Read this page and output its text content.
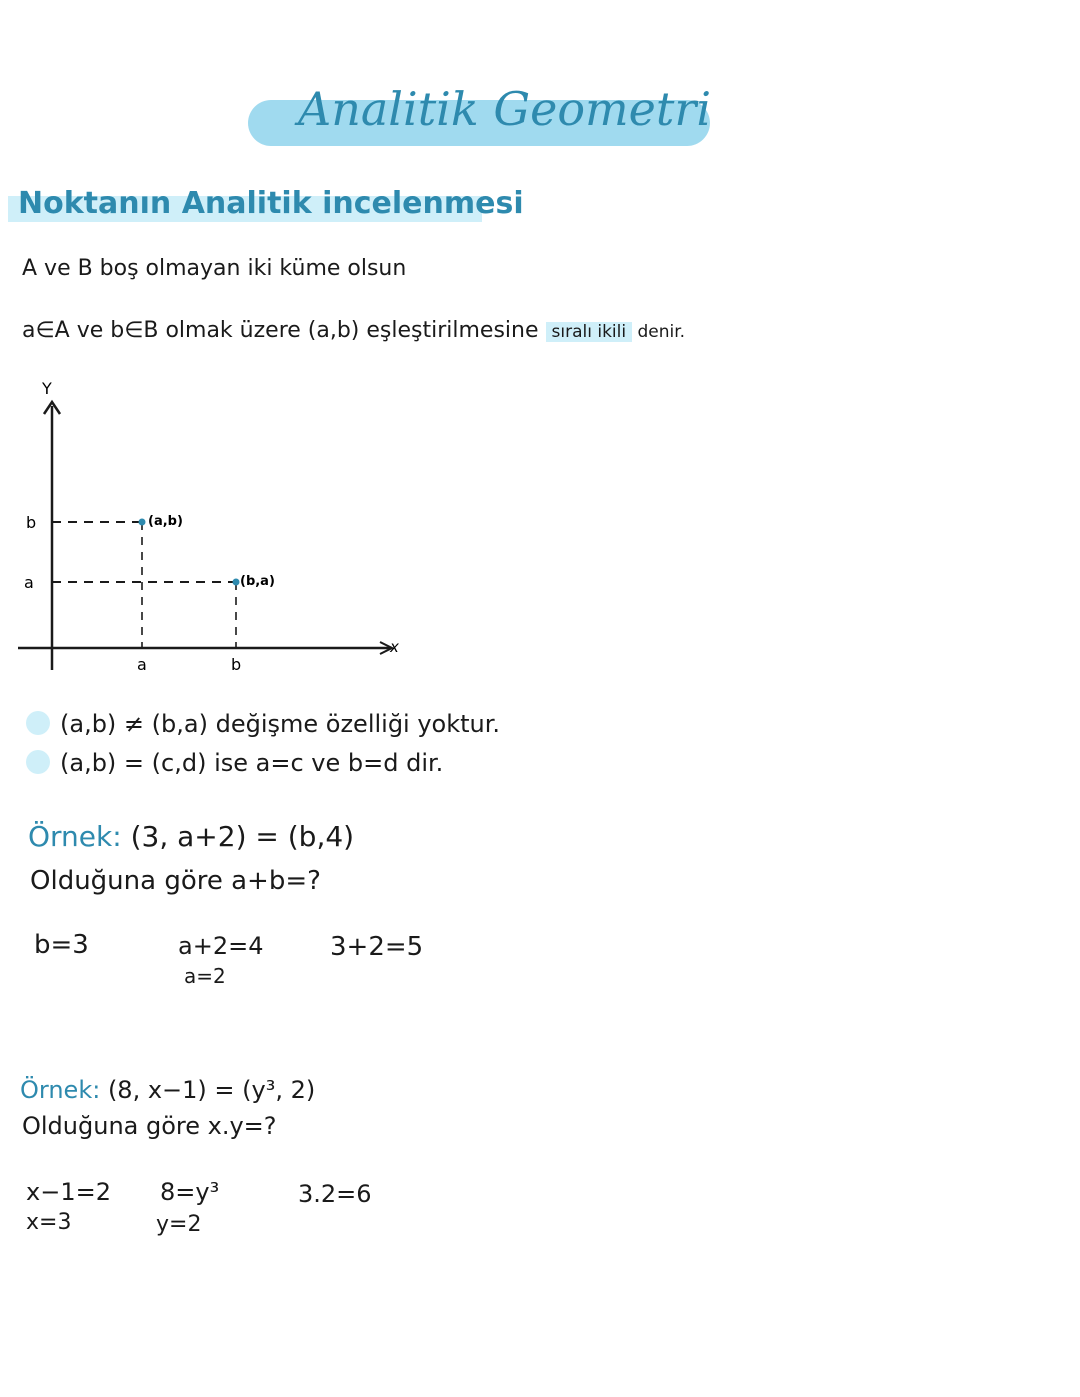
Analitik Geometri
Noktanın Analitik incelenmesi
A ve B boş olmayan iki küme olsun
a∈A ve b∈B olmak üzere (a,b) eşleştirilmesine sıralı ikili denir.
Y
x
b
a
a	b
(a,b)
(b,a)
(a,b) ≠ (b,a) değişme özelliği yoktur.
(a,b) = (c,d) ise a=c ve b=d dir.
Örnek: (3, a+2) = (b,4)
Olduğuna göre a+b=?
b=3	a+2=4
a=2
3+2=5
Örnek: (8, x−1) = (y³, 2)
Olduğuna göre x.y=?
x−1=2
x=3
8=y³
y=2
3.2=6
